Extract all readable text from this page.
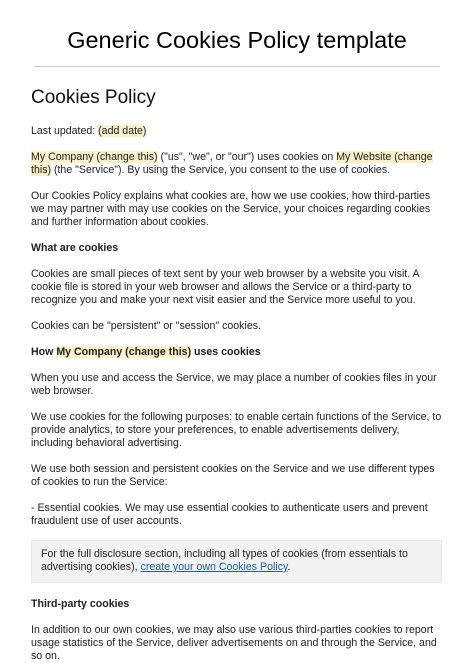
Generic Cookies Policy template
Cookies Policy

Last updated: (add date)

My Company (change this) ("us", "we", or "our") uses cookies on My Website (change this) (the "Service"). By using the Service, you consent to the use of cookies.

Our Cookies Policy explains what cookies are, how we use cookies, how third-parties we may partner with may use cookies on the Service, your choices regarding cookies and further information about cookies.

What are cookies

Cookies are small pieces of text sent by your web browser by a website you visit. A cookie file is stored in your web browser and allows the Service or a third-party to recognize you and make your next visit easier and the Service more useful to you.

Cookies can be "persistent" or "session" cookies.

How My Company (change this) uses cookies

When you use and access the Service, we may place a number of cookies files in your web browser.

We use cookies for the following purposes: to enable certain functions of the Service, to provide analytics, to store your preferences, to enable advertisements delivery, including behavioral advertising.

We use both session and persistent cookies on the Service and we use different types of cookies to run the Service:

- Essential cookies. We may use essential cookies to authenticate users and prevent fraudulent use of user accounts.

For the full disclosure section, including all types of cookies (from essentials to advertising cookies), create your own Cookies Policy.

Third-party cookies

In addition to our own cookies, we may also use various third-parties cookies to report usage statistics of the Service, deliver advertisements on and through the Service, and so on.
